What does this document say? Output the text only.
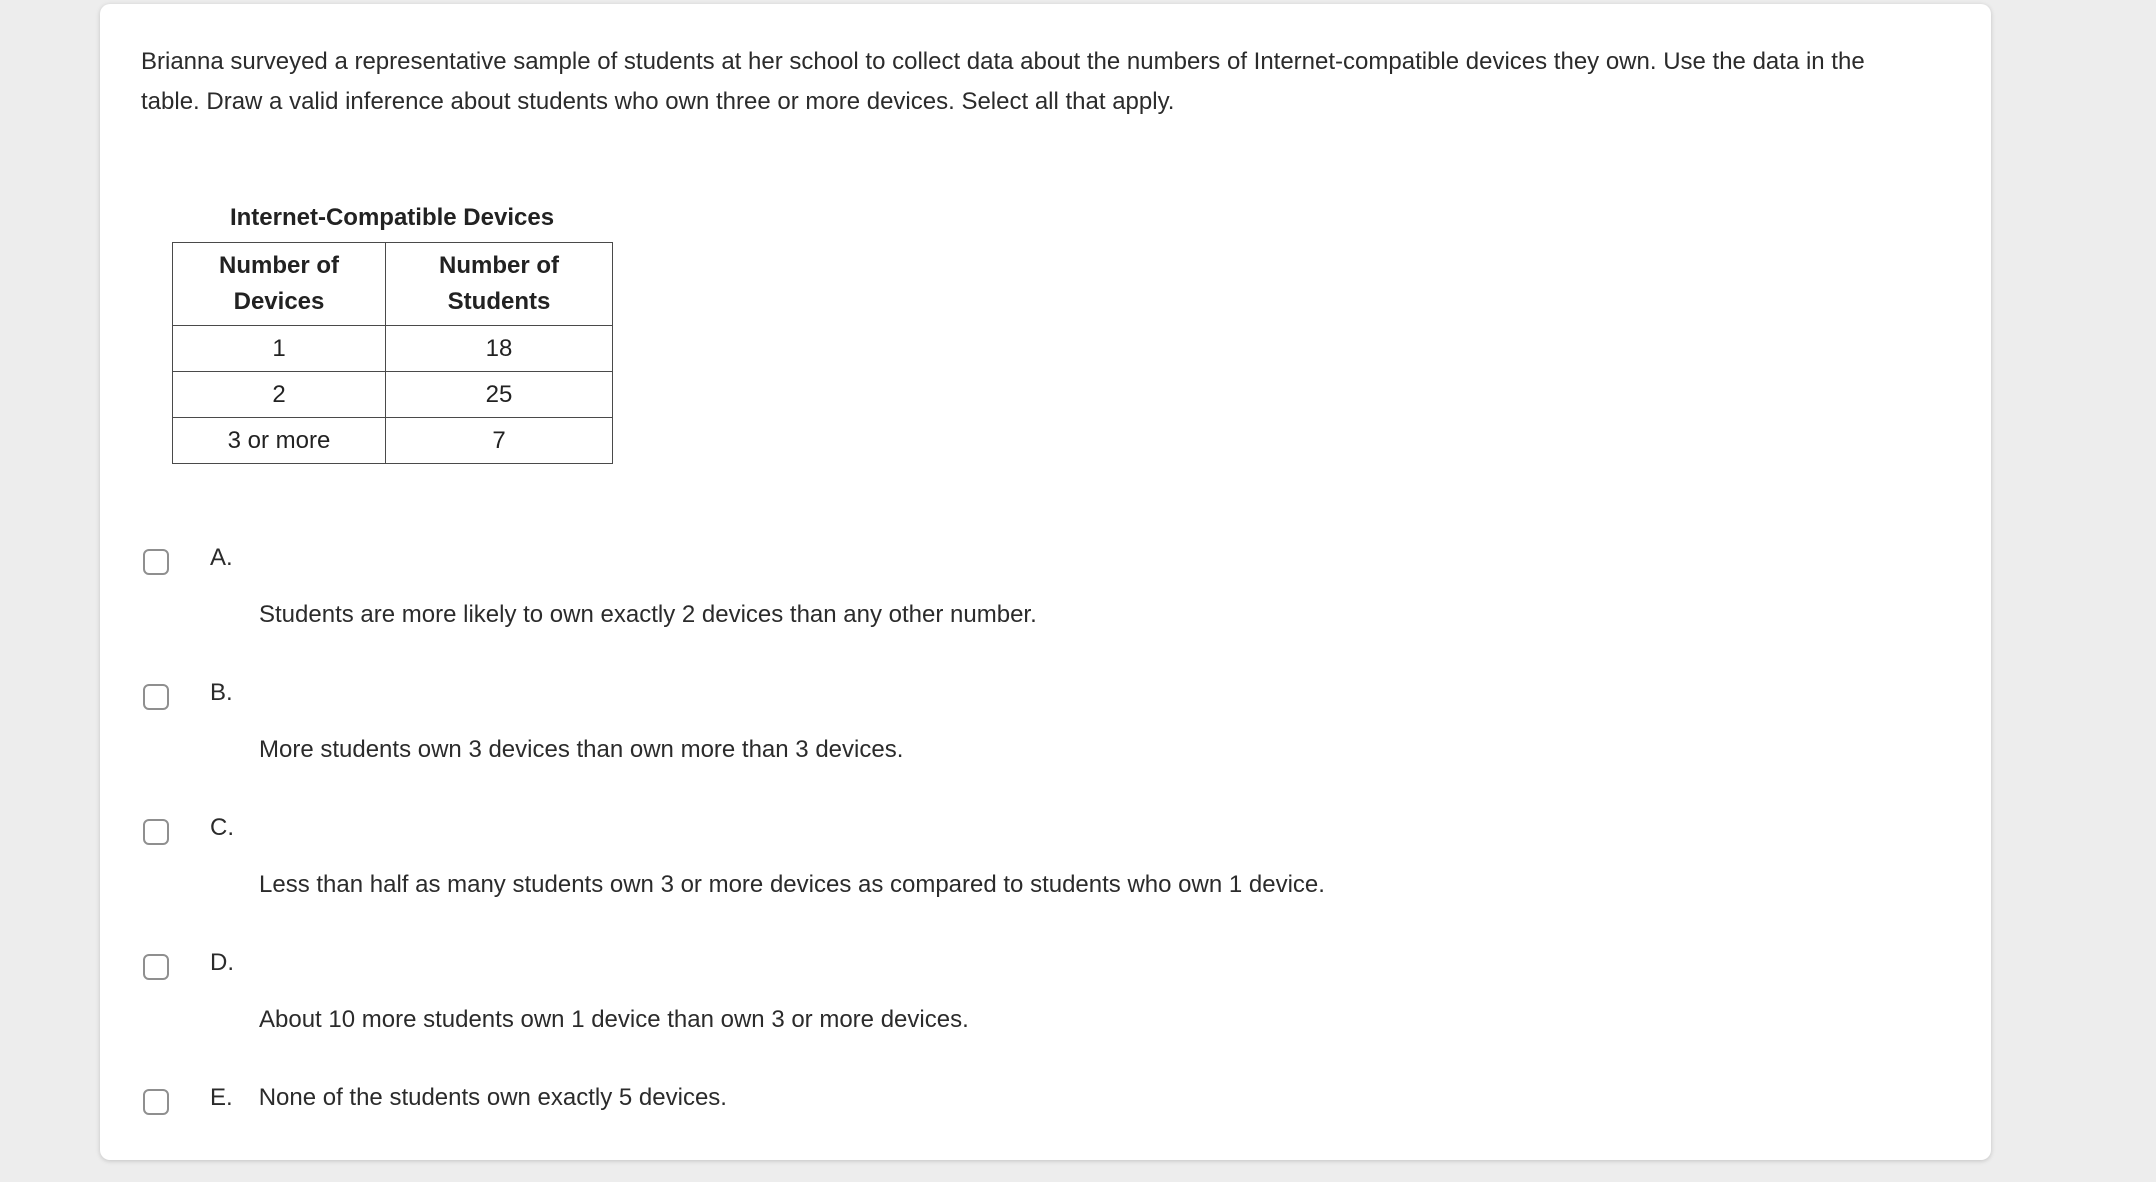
Brianna surveyed a representative sample of students at her school to collect data about the numbers of Internet-compatible devices they own. Use the data in the table. Draw a valid inference about students who own three or more devices. Select all that apply.
Internet-Compatible Devices
Number of Devices	Number of Students
1	18
2	25
3 or more	7
A.
Students are more likely to own exactly 2 devices than any other number.
B.
More students own 3 devices than own more than 3 devices.
C.
Less than half as many students own 3 or more devices as compared to students who own 1 device.
D.
About 10 more students own 1 device than own 3 or more devices.
E. None of the students own exactly 5 devices.
